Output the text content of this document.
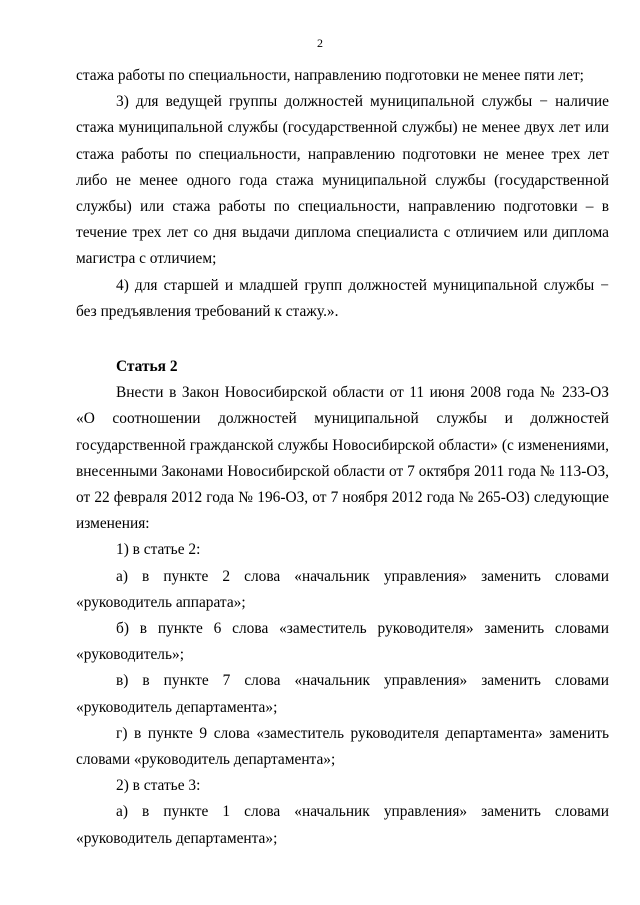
2

стажа работы по специальности, направлению подготовки не менее пяти лет;

3) для ведущей группы должностей муниципальной службы − наличие стажа муниципальной службы (государственной службы) не менее двух лет или стажа работы по специальности, направлению подготовки не менее трех лет либо не менее одного года стажа муниципальной службы (государственной службы) или стажа работы по специальности, направлению подготовки – в течение трех лет со дня выдачи диплома специалиста с отличием или диплома магистра с отличием;

4) для старшей и младшей групп должностей муниципальной службы − без предъявления требований к стажу.».

Статья 2

Внести в Закон Новосибирской области от 11 июня 2008 года № 233-ОЗ «О соотношении должностей муниципальной службы и должностей государственной гражданской службы Новосибирской области» (с изменениями, внесенными Законами Новосибирской области от 7 октября 2011 года № 113-ОЗ, от 22 февраля 2012 года № 196-ОЗ, от 7 ноября 2012 года № 265-ОЗ) следующие изменения:

1) в статье 2:

а) в пункте 2 слова «начальник управления» заменить словами «руководитель аппарата»;

б) в пункте 6 слова «заместитель руководителя» заменить словами «руководитель»;

в) в пункте 7 слова «начальник управления» заменить словами «руководитель департамента»;

г) в пункте 9 слова «заместитель руководителя департамента» заменить словами «руководитель департамента»;

2) в статье 3:

а) в пункте 1 слова «начальник управления» заменить словами «руководитель департамента»;
